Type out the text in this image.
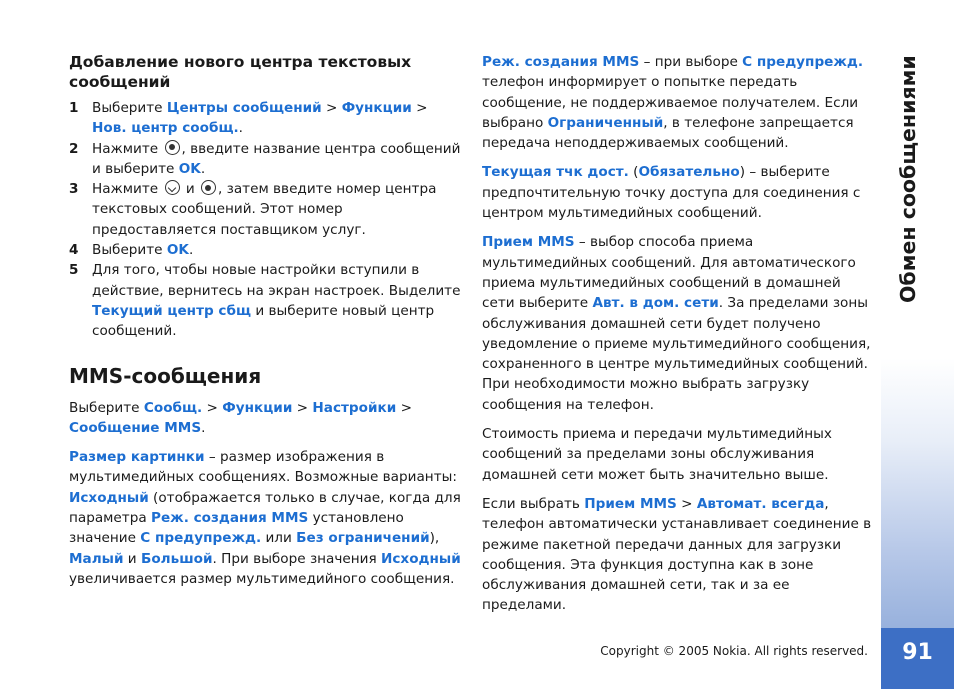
Добавление нового центра текстовых сообщений

1 Выберите Центры сообщений > Функции > Нов. центр сообщ..

2 Нажмите , введите название центра сообщений и выберите OK.

3 Нажмите  и , затем введите номер центра текстовых сообщений. Этот номер предоставляется поставщиком услуг.

4 Выберите OK.

5 Для того, чтобы новые настройки вступили в действие, вернитесь на экран настроек. Выделите Текущий центр сбщ и выберите новый центр сообщений.

MMS-сообщения

Выберите Сообщ. > Функции > Настройки > Сообщение MMS.

Размер картинки – размер изображения в мультимедийных сообщениях. Возможные варианты: Исходный (отображается только в случае, когда для параметра Реж. создания MMS установлено значение С предупрежд. или Без ограничений), Малый и Большой. При выборе значения Исходный увеличивается размер мультимедийного сообщения.

Реж. создания MMS – при выборе С предупрежд. телефон информирует о попытке передать сообщение, не поддерживаемое получателем. Если выбрано Ограниченный, в телефоне запрещается передача неподдерживаемых сообщений.

Текущая тчк дост. (Обязательно) – выберите предпочтительную точку доступа для соединения с центром мультимедийных сообщений.

Прием MMS – выбор способа приема мультимедийных сообщений. Для автоматического приема мультимедийных сообщений в домашней сети выберите Авт. в дом. сети. За пределами зоны обслуживания домашней сети будет получено уведомление о приеме мультимедийного сообщения, сохраненного в центре мультимедийных сообщений. При необходимости можно выбрать загрузку сообщения на телефон.

Стоимость приема и передачи мультимедийных сообщений за пределами зоны обслуживания домашней сети может быть значительно выше.

Если выбрать Прием MMS > Автомат. всегда, телефон автоматически устанавливает соединение в режиме пакетной передачи данных для загрузки сообщения. Эта функция доступна как в зоне обслуживания домашней сети, так и за ее пределами.

Обмен сообщениями
91
Copyright © 2005 Nokia. All rights reserved.
